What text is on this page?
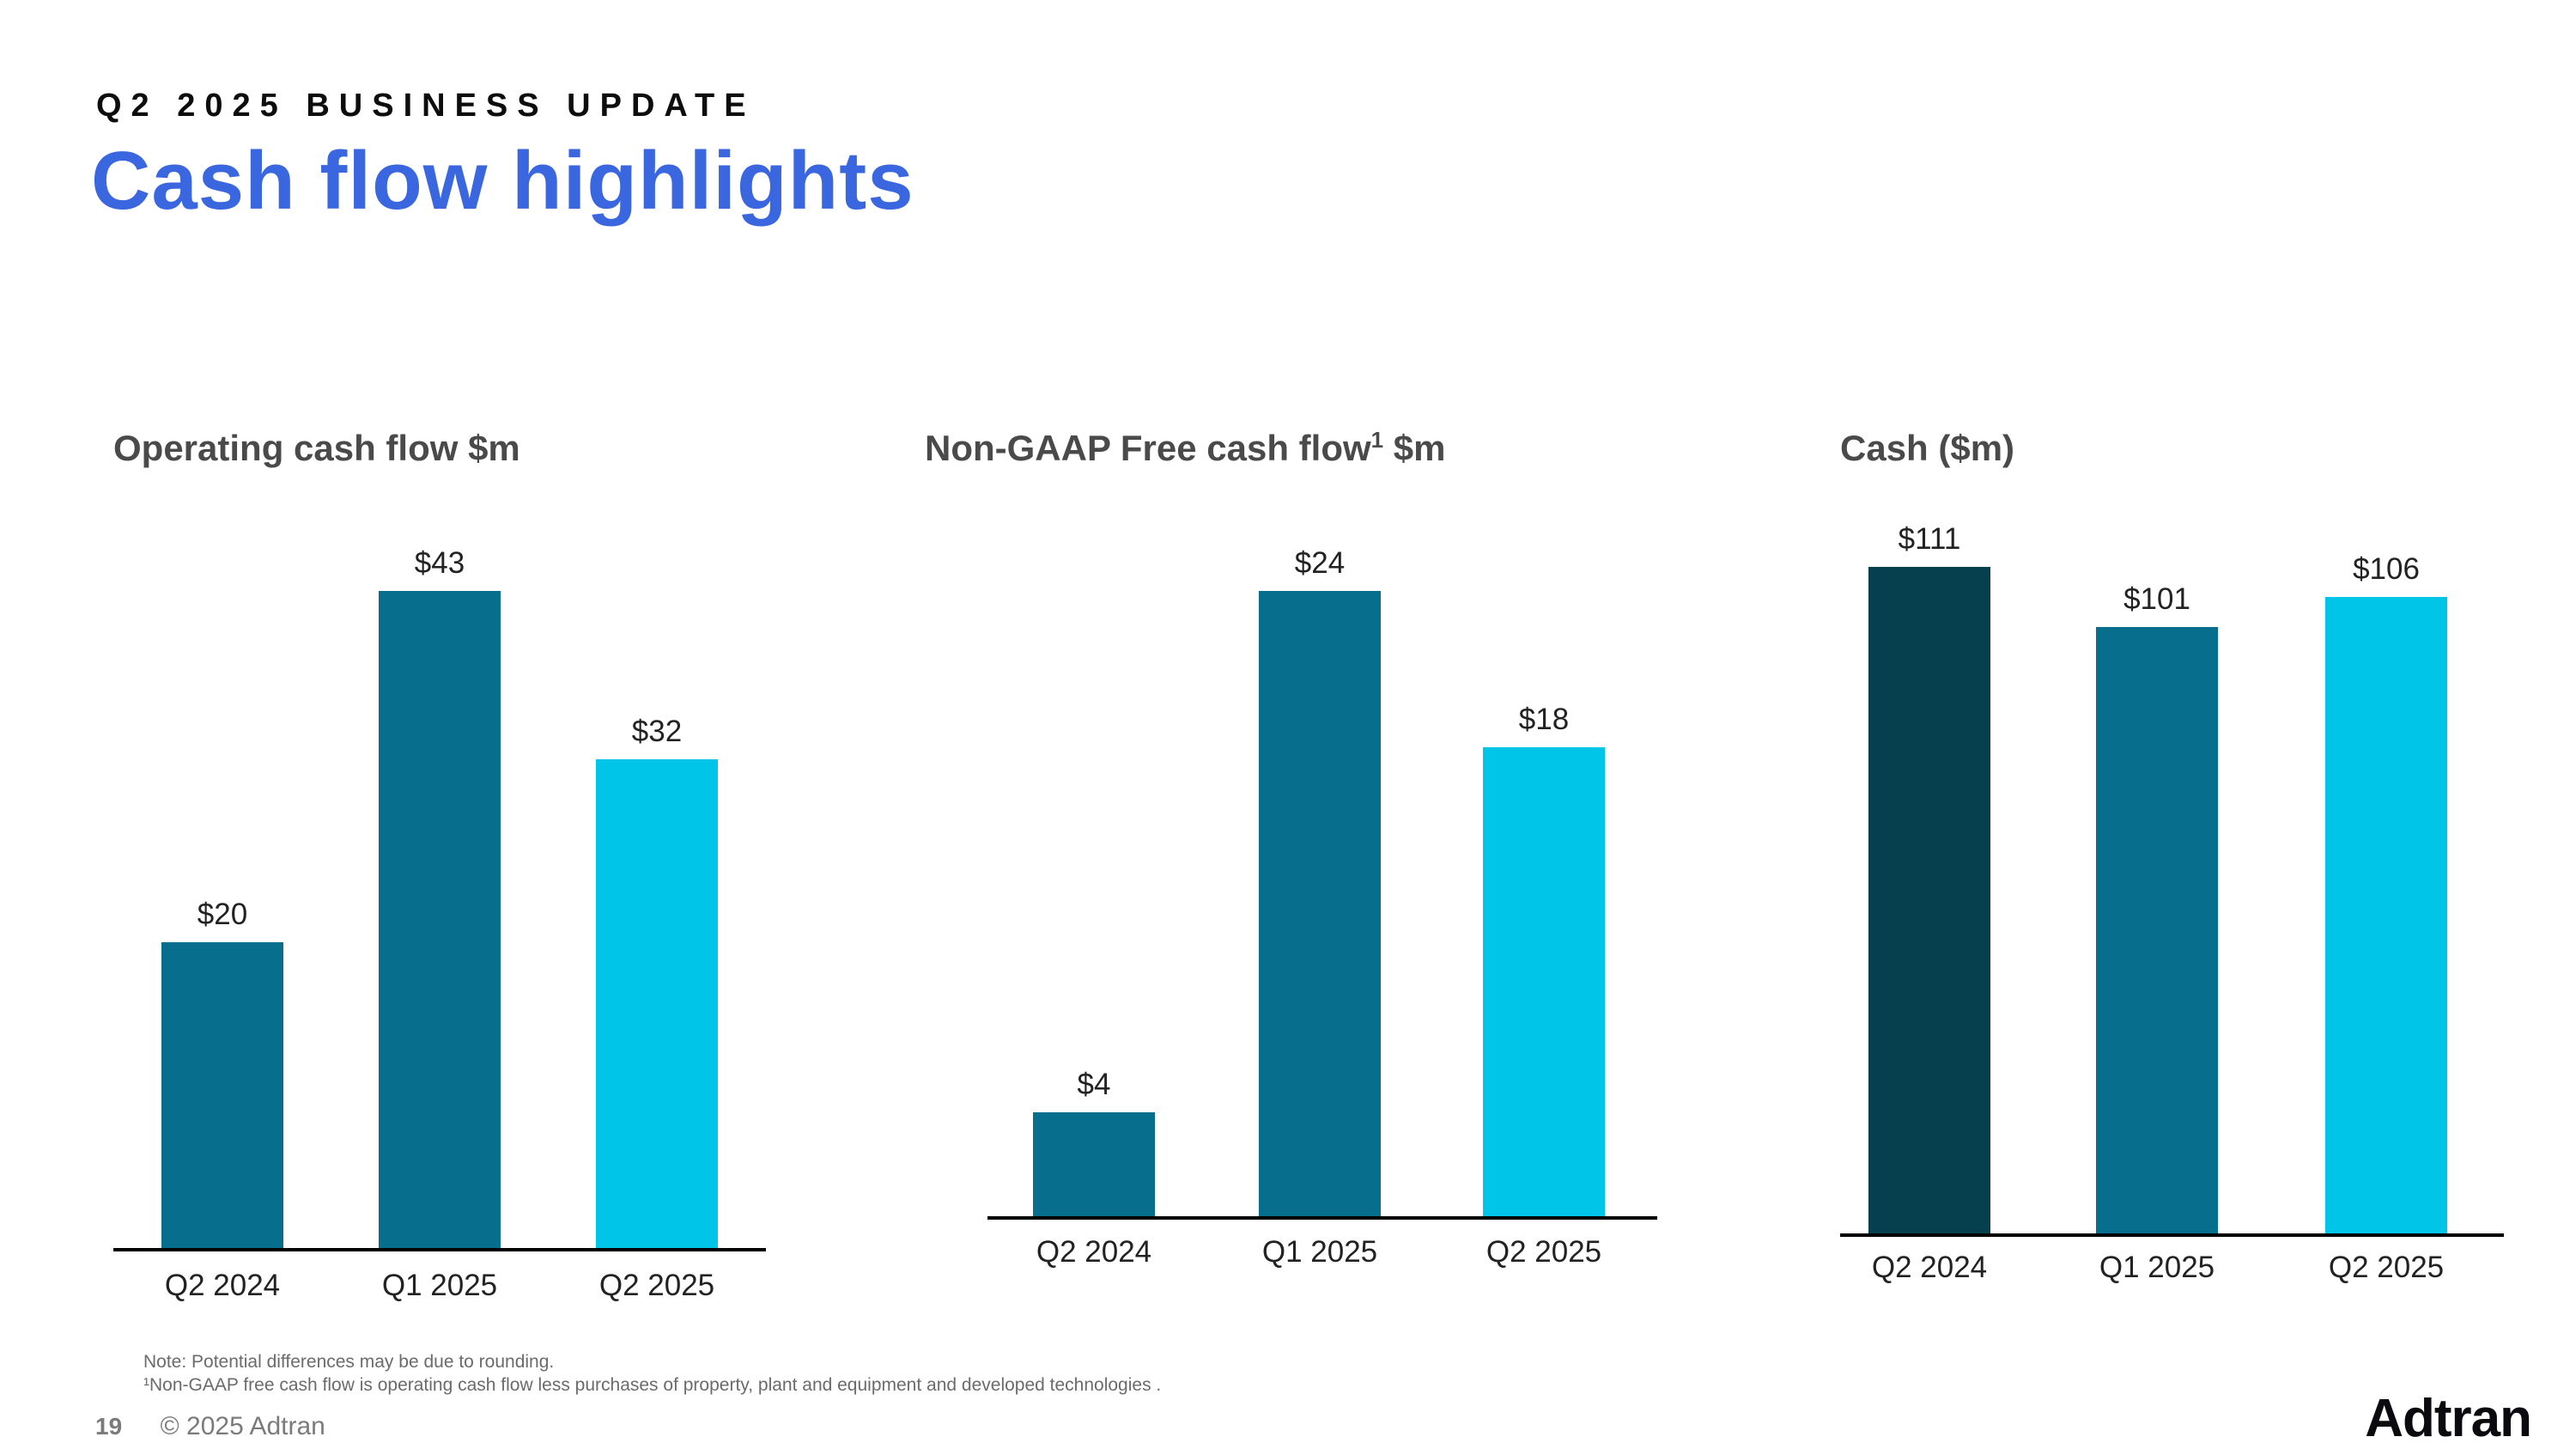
Q2 2025 BUSINESS UPDATE
Cash flow highlights
Operating cash flow $m
$20
Q2 2024
$43
Q1 2025
$32
Q2 2025
Non-GAAP Free cash flow$^1$ $m
$4
Q2 2024
$24
Q1 2025
$18
Q2 2025
Cash ($m)
$111
Q2 2024
$101
Q1 2025
$106
Q2 2025
Note: Potential differences may be due to rounding.
¹Non-GAAP free cash flow is operating cash flow less purchases of property, plant and equipment and developed technologies .
19 © 2025 Adtran	Adtran
